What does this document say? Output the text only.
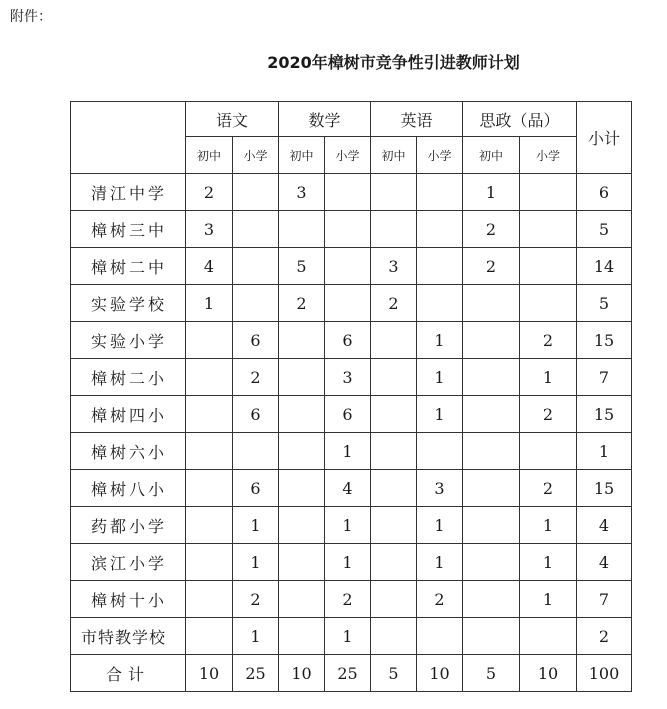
附件：
2020年樟树市竞争性引进教师计划
	语文		数学		英语		思政（品）		小计
	初中	小学	初中	小学	初中	小学	初中	小学	
清江中学	2		3				1		6
樟树三中	3						2		5
樟树二中	4		5		3		2		14
实验学校	1		2		2				5
实验小学		6		6		1		2	15
樟树二小		2		3		1		1	7
樟树四小		6		6		1		2	15
樟树六小				1					1
樟树八小		6		4		3		2	15
药都小学		1		1		1		1	4
滨江小学		1		1		1		1	4
樟树十小		2		2		2		1	7
市特教学校		1		1					2
合计	10	25	10	25	5	10	5	10	100
